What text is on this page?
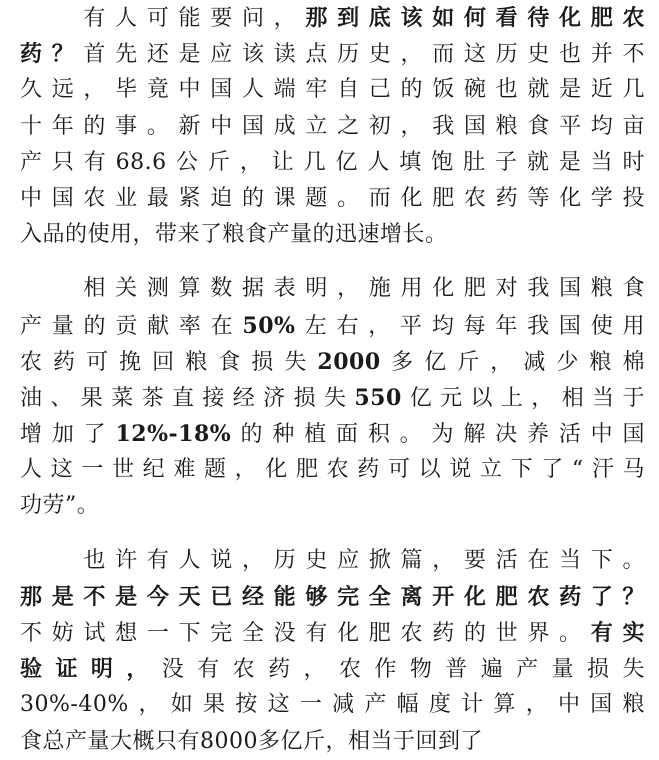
　　有人可能要问，那到底该如何看待化肥农
药？首先还是应该读点历史，而这历史也并不
久远，毕竟中国人端牢自己的饭碗也就是近几
十年的事。新中国成立之初，我国粮食平均亩
产只有68.6公斤，让几亿人填饱肚子就是当时
中国农业最紧迫的课题。而化肥农药等化学投
入品的使用，带来了粮食产量的迅速增长。
　　相关测算数据表明，施用化肥对我国粮食
产量的贡献率在50%左右，平均每年我国使用
农药可挽回粮食损失2000多亿斤，减少粮棉
油、果菜茶直接经济损失550亿元以上，相当于
增加了12%-18%的种植面积。为解决养活中国
人这一世纪难题，化肥农药可以说立下了“汗马
功劳”。
　　也许有人说，历史应掀篇，要活在当下。
那是不是今天已经能够完全离开化肥农药了？
不妨试想一下完全没有化肥农药的世界。有实
验证明，没有农药，农作物普遍产量损失
30%-40%，如果按这一减产幅度计算，中国粮
食总产量大概只有8000多亿斤，相当于回到了
